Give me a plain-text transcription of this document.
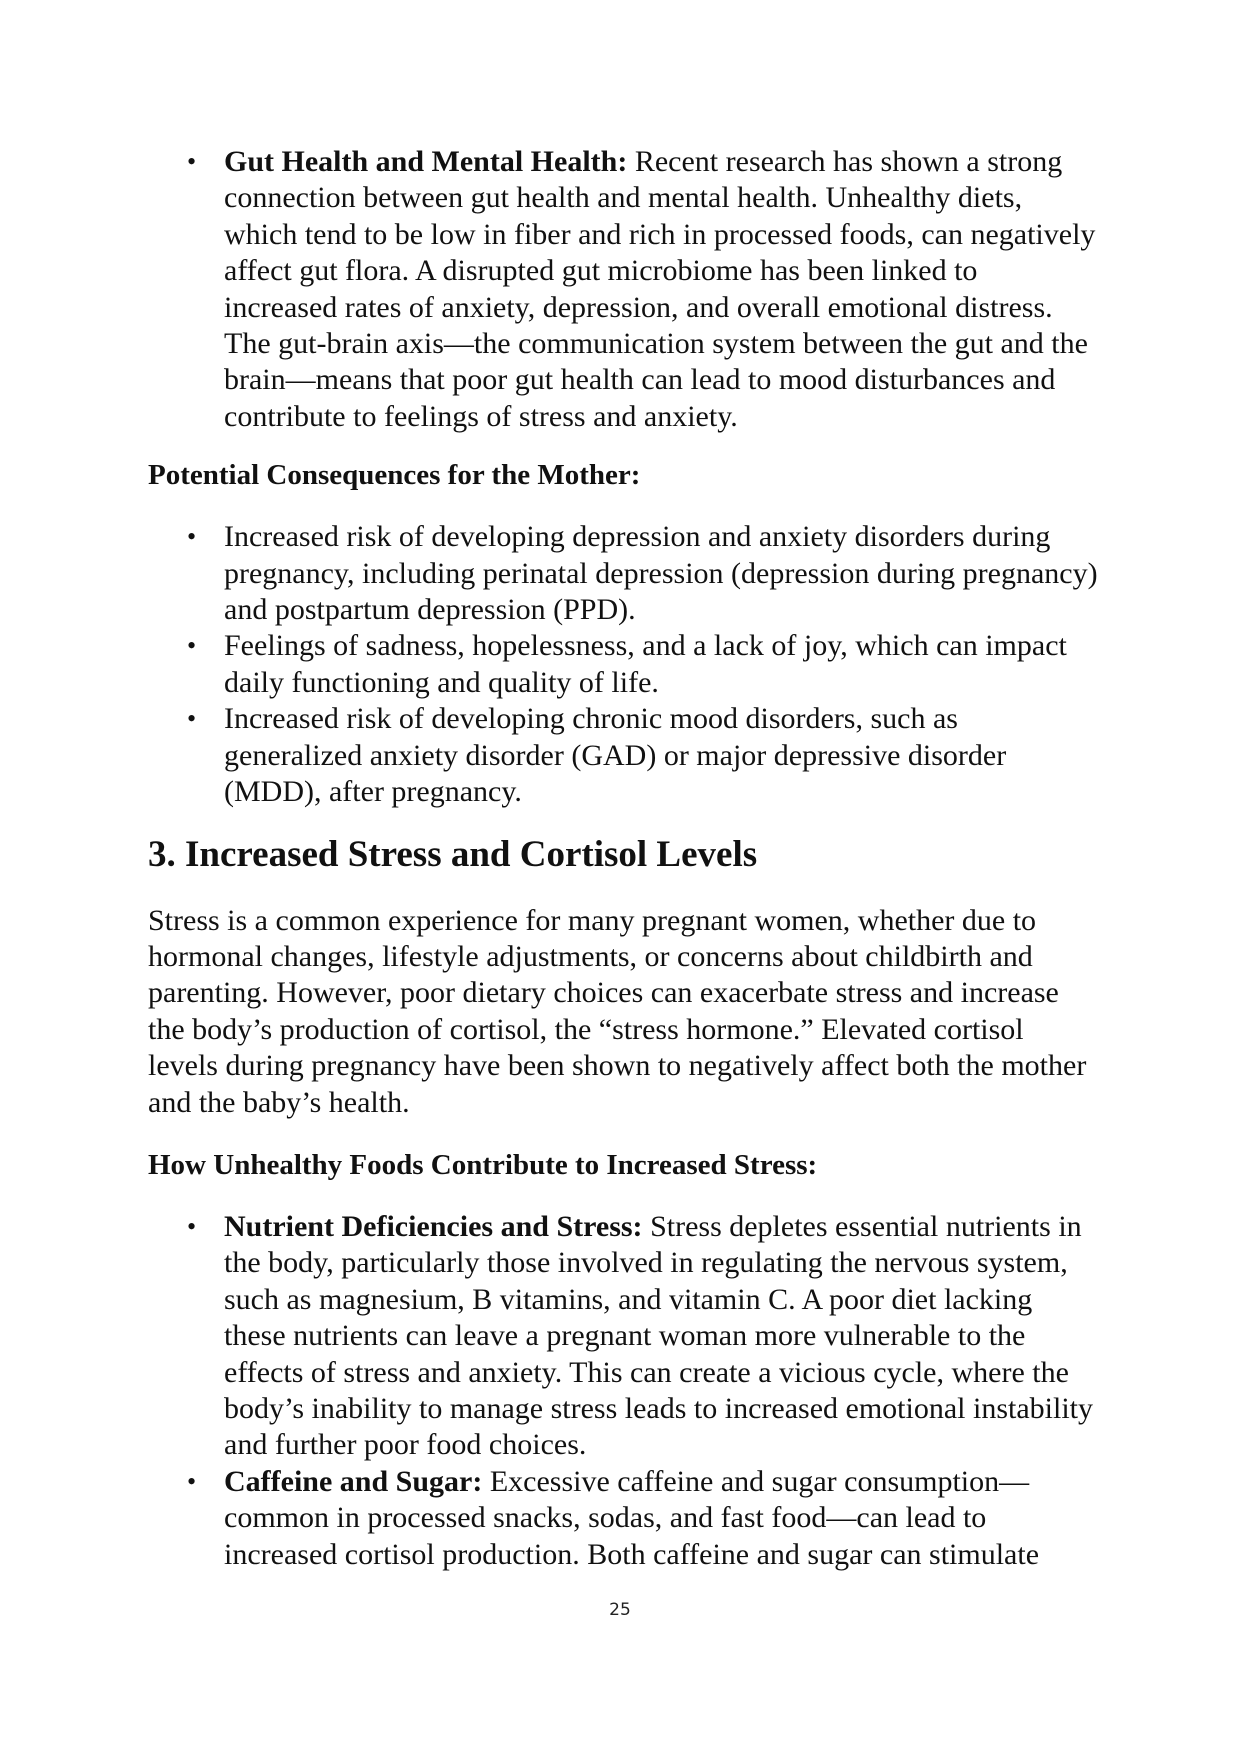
• Gut Health and Mental Health: Recent research has shown a strong connection between gut health and mental health. Unhealthy diets, which tend to be low in fiber and rich in processed foods, can negatively affect gut flora. A disrupted gut microbiome has been linked to increased rates of anxiety, depression, and overall emotional distress. The gut-brain axis—the communication system between the gut and the brain—means that poor gut health can lead to mood disturbances and contribute to feelings of stress and anxiety.

Potential Consequences for the Mother:

• Increased risk of developing depression and anxiety disorders during pregnancy, including perinatal depression (depression during pregnancy) and postpartum depression (PPD).
• Feelings of sadness, hopelessness, and a lack of joy, which can impact daily functioning and quality of life.
• Increased risk of developing chronic mood disorders, such as generalized anxiety disorder (GAD) or major depressive disorder (MDD), after pregnancy.
3. Increased Stress and Cortisol Levels

Stress is a common experience for many pregnant women, whether due to hormonal changes, lifestyle adjustments, or concerns about childbirth and parenting. However, poor dietary choices can exacerbate stress and increase the body’s production of cortisol, the “stress hormone.” Elevated cortisol levels during pregnancy have been shown to negatively affect both the mother and the baby’s health.

How Unhealthy Foods Contribute to Increased Stress:

• Nutrient Deficiencies and Stress: Stress depletes essential nutrients in the body, particularly those involved in regulating the nervous system, such as magnesium, B vitamins, and vitamin C. A poor diet lacking these nutrients can leave a pregnant woman more vulnerable to the effects of stress and anxiety. This can create a vicious cycle, where the body’s inability to manage stress leads to increased emotional instability and further poor food choices.
• Caffeine and Sugar: Excessive caffeine and sugar consumption—common in processed snacks, sodas, and fast food—can lead to increased cortisol production. Both caffeine and sugar can stimulate
25
